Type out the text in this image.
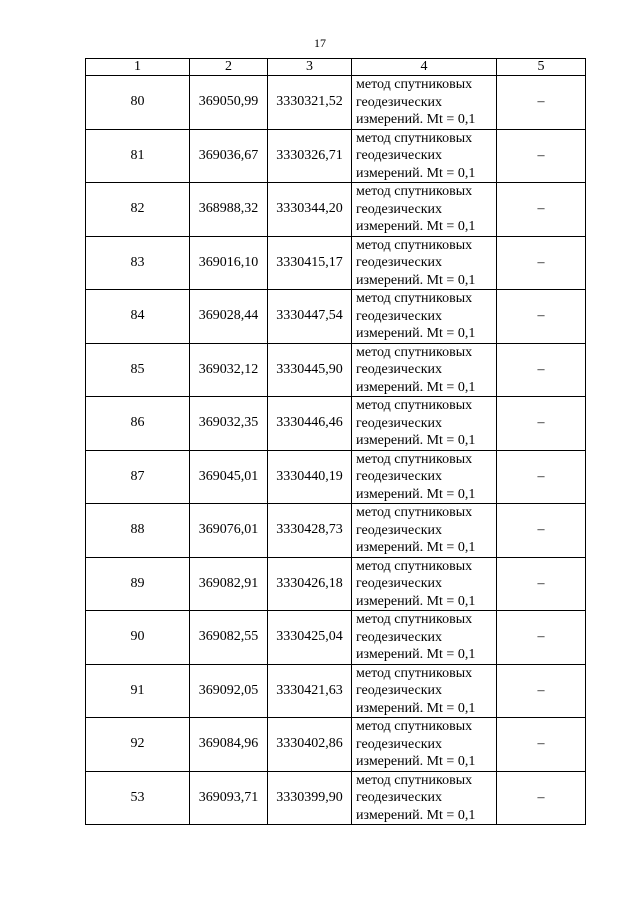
17
1	2	3	4	5
80	369050,99	3330321,52	метод спутниковых
геодезических
измерений. Mt = 0,1	–
81	369036,67	3330326,71	метод спутниковых
геодезических
измерений. Mt = 0,1	–
82	368988,32	3330344,20	метод спутниковых
геодезических
измерений. Mt = 0,1	–
83	369016,10	3330415,17	метод спутниковых
геодезических
измерений. Mt = 0,1	–
84	369028,44	3330447,54	метод спутниковых
геодезических
измерений. Mt = 0,1	–
85	369032,12	3330445,90	метод спутниковых
геодезических
измерений. Mt = 0,1	–
86	369032,35	3330446,46	метод спутниковых
геодезических
измерений. Mt = 0,1	–
87	369045,01	3330440,19	метод спутниковых
геодезических
измерений. Mt = 0,1	–
88	369076,01	3330428,73	метод спутниковых
геодезических
измерений. Mt = 0,1	–
89	369082,91	3330426,18	метод спутниковых
геодезических
измерений. Mt = 0,1	–
90	369082,55	3330425,04	метод спутниковых
геодезических
измерений. Mt = 0,1	–
91	369092,05	3330421,63	метод спутниковых
геодезических
измерений. Mt = 0,1	–
92	369084,96	3330402,86	метод спутниковых
геодезических
измерений. Mt = 0,1	–
53	369093,71	3330399,90	метод спутниковых
геодезических
измерений. Mt = 0,1	–
